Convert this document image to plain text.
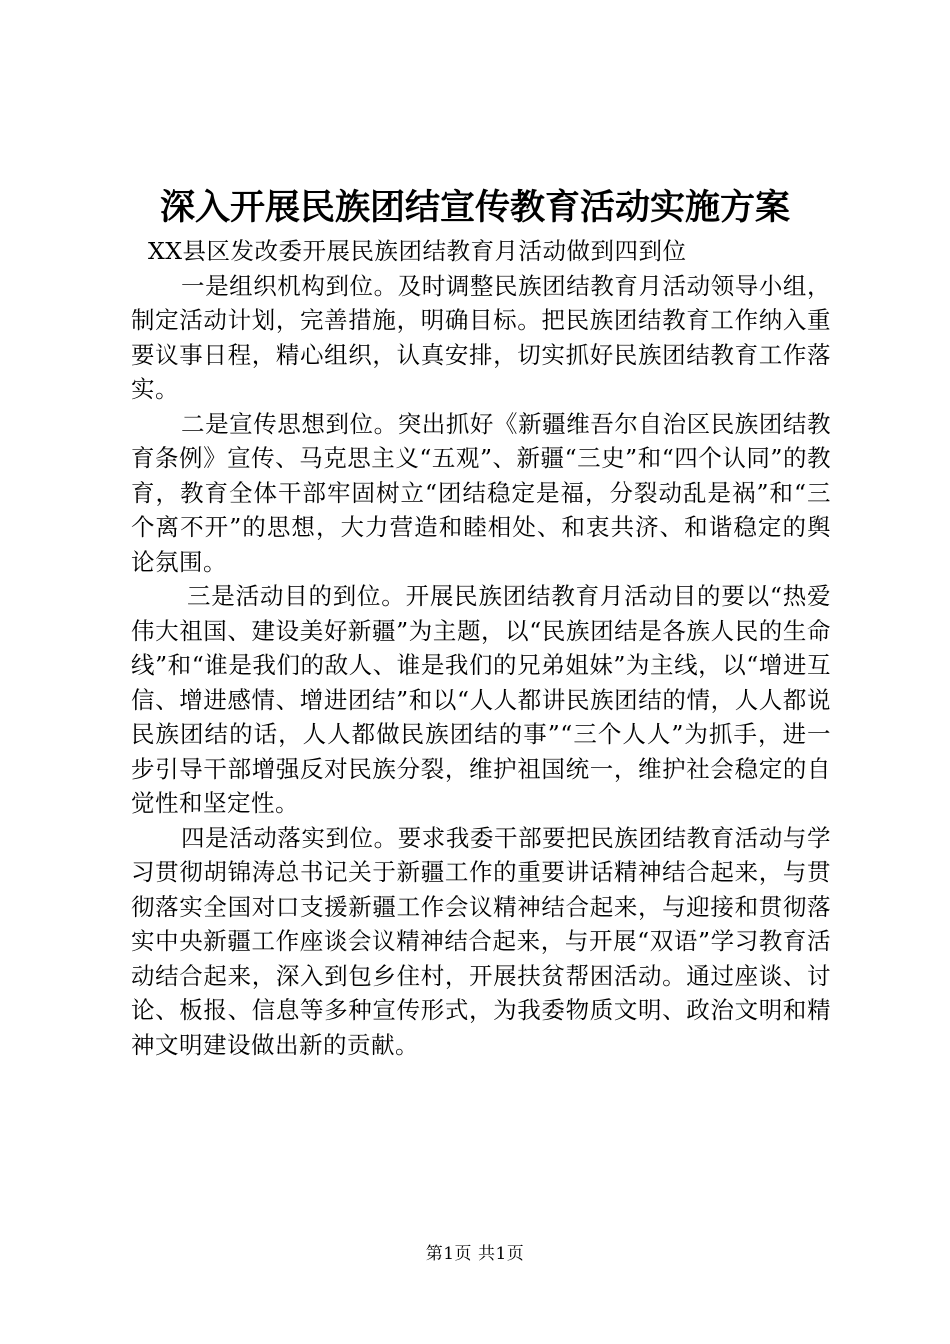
深入开展民族团结宣传教育活动实施方案

XX县区发改委开展民族团结教育月活动做到四到位

一是组织机构到位。及时调整民族团结教育月活动领导小组，制定活动计划，完善措施，明确目标。把民族团结教育工作纳入重要议事日程，精心组织，认真安排，切实抓好民族团结教育工作落实。

二是宣传思想到位。突出抓好《新疆维吾尔自治区民族团结教育条例》宣传、马克思主义“五观”、新疆“三史”和“四个认同”的教育，教育全体干部牢固树立“团结稳定是福，分裂动乱是祸”和“三个离不开”的思想，大力营造和睦相处、和衷共济、和谐稳定的舆论氛围。

三是活动目的到位。开展民族团结教育月活动目的要以“热爱伟大祖国、建设美好新疆”为主题，以“民族团结是各族人民的生命线”和“谁是我们的敌人、谁是我们的兄弟姐妹”为主线，以“增进互信、增进感情、增进团结”和以“人人都讲民族团结的情，人人都说民族团结的话，人人都做民族团结的事”“三个人人”为抓手，进一步引导干部增强反对民族分裂，维护祖国统一，维护社会稳定的自觉性和坚定性。

四是活动落实到位。要求我委干部要把民族团结教育活动与学习贯彻胡锦涛总书记关于新疆工作的重要讲话精神结合起来，与贯彻落实全国对口支援新疆工作会议精神结合起来，与迎接和贯彻落实中央新疆工作座谈会议精神结合起来，与开展“双语”学习教育活动结合起来，深入到包乡住村，开展扶贫帮困活动。通过座谈、讨论、板报、信息等多种宣传形式，为我委物质文明、政治文明和精神文明建设做出新的贡献。

第1页 共1页
